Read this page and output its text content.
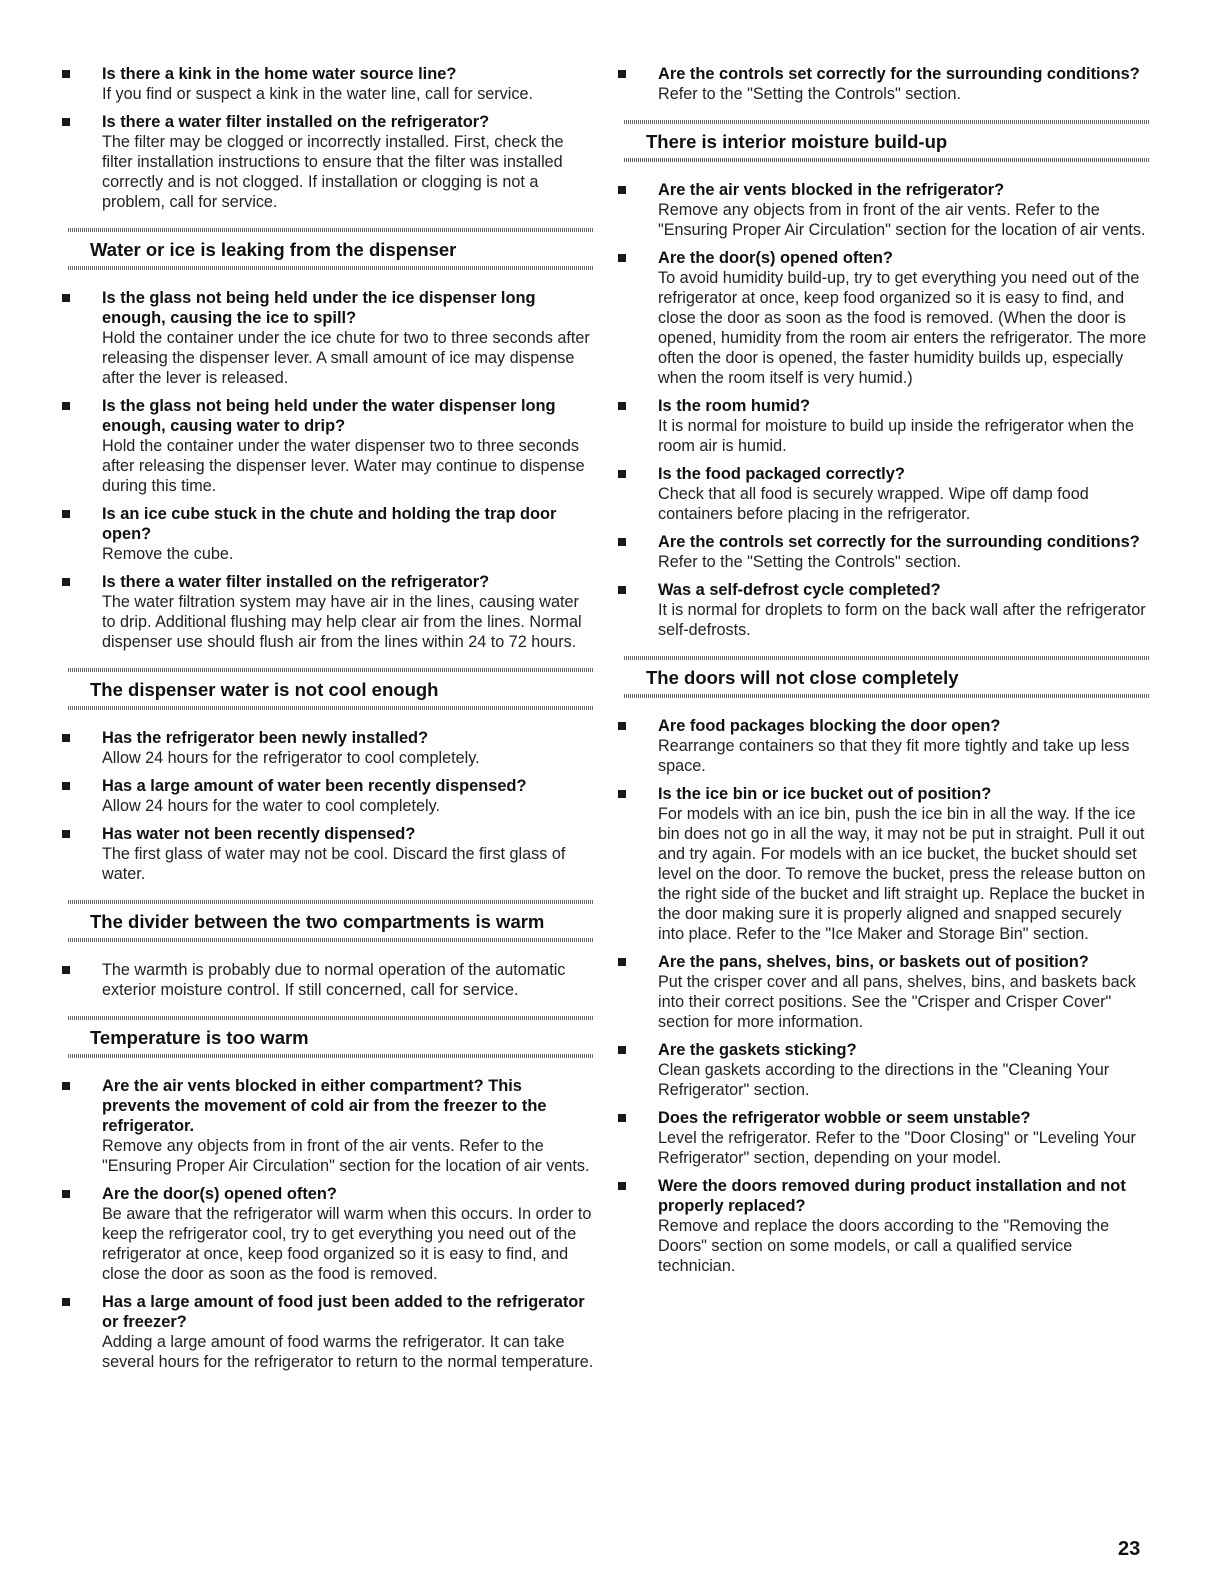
Is there a kink in the home water source line?
If you find or suspect a kink in the water line, call for service.
Is there a water filter installed on the refrigerator?
The filter may be clogged or incorrectly installed. First, check the filter installation instructions to ensure that the filter was installed correctly and is not clogged. If installation or clogging is not a problem, call for service.
Water or ice is leaking from the dispenser
Is the glass not being held under the ice dispenser long enough, causing the ice to spill?
Hold the container under the ice chute for two to three seconds after releasing the dispenser lever. A small amount of ice may dispense after the lever is released.
Is the glass not being held under the water dispenser long enough, causing water to drip?
Hold the container under the water dispenser two to three seconds after releasing the dispenser lever. Water may continue to dispense during this time.
Is an ice cube stuck in the chute and holding the trap door open?
Remove the cube.
Is there a water filter installed on the refrigerator?
The water filtration system may have air in the lines, causing water to drip. Additional flushing may help clear air from the lines. Normal dispenser use should flush air from the lines within 24 to 72 hours.
The dispenser water is not cool enough
Has the refrigerator been newly installed?
Allow 24 hours for the refrigerator to cool completely.
Has a large amount of water been recently dispensed?
Allow 24 hours for the water to cool completely.
Has water not been recently dispensed?
The first glass of water may not be cool. Discard the first glass of water.
The divider between the two compartments is warm
The warmth is probably due to normal operation of the automatic exterior moisture control. If still concerned, call for service.
Temperature is too warm
Are the air vents blocked in either compartment? This prevents the movement of cold air from the freezer to the refrigerator.
Remove any objects from in front of the air vents. Refer to the "Ensuring Proper Air Circulation" section for the location of air vents.
Are the door(s) opened often?
Be aware that the refrigerator will warm when this occurs. In order to keep the refrigerator cool, try to get everything you need out of the refrigerator at once, keep food organized so it is easy to find, and close the door as soon as the food is removed.
Has a large amount of food just been added to the refrigerator or freezer?
Adding a large amount of food warms the refrigerator. It can take several hours for the refrigerator to return to the normal temperature.
Are the controls set correctly for the surrounding conditions?
Refer to the "Setting the Controls" section.
There is interior moisture build-up
Are the air vents blocked in the refrigerator?
Remove any objects from in front of the air vents. Refer to the "Ensuring Proper Air Circulation" section for the location of air vents.
Are the door(s) opened often?
To avoid humidity build-up, try to get everything you need out of the refrigerator at once, keep food organized so it is easy to find, and close the door as soon as the food is removed. (When the door is opened, humidity from the room air enters the refrigerator. The more often the door is opened, the faster humidity builds up, especially when the room itself is very humid.)
Is the room humid?
It is normal for moisture to build up inside the refrigerator when the room air is humid.
Is the food packaged correctly?
Check that all food is securely wrapped. Wipe off damp food containers before placing in the refrigerator.
Are the controls set correctly for the surrounding conditions?
Refer to the "Setting the Controls" section.
Was a self-defrost cycle completed?
It is normal for droplets to form on the back wall after the refrigerator self-defrosts.
The doors will not close completely
Are food packages blocking the door open?
Rearrange containers so that they fit more tightly and take up less space.
Is the ice bin or ice bucket out of position?
For models with an ice bin, push the ice bin in all the way. If the ice bin does not go in all the way, it may not be put in straight. Pull it out and try again. For models with an ice bucket, the bucket should set level on the door. To remove the bucket, press the release button on the right side of the bucket and lift straight up. Replace the bucket in the door making sure it is properly aligned and snapped securely into place. Refer to the "Ice Maker and Storage Bin" section.
Are the pans, shelves, bins, or baskets out of position?
Put the crisper cover and all pans, shelves, bins, and baskets back into their correct positions. See the "Crisper and Crisper Cover" section for more information.
Are the gaskets sticking?
Clean gaskets according to the directions in the "Cleaning Your Refrigerator" section.
Does the refrigerator wobble or seem unstable?
Level the refrigerator. Refer to the "Door Closing" or "Leveling Your Refrigerator" section, depending on your model.
Were the doors removed during product installation and not properly replaced?
Remove and replace the doors according to the "Removing the Doors" section on some models, or call a qualified service technician.
23
